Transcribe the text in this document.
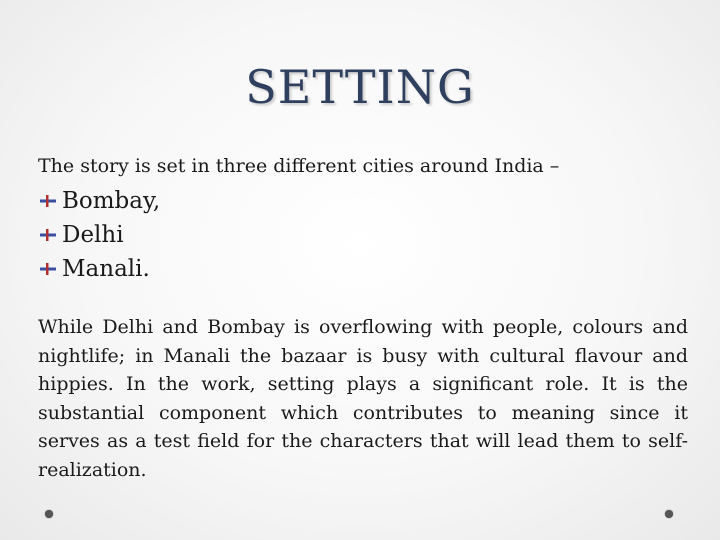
SETTING

The story is set in three different cities around India –

Bombay,
Delhi
Manali.

While Delhi and Bombay is overflowing with people, colours and nightlife; in Manali the bazaar is busy with cultural flavour and hippies. In the work, setting plays a significant role. It is the substantial component which contributes to meaning since it serves as a test field for the characters that will lead them to self-realization.
